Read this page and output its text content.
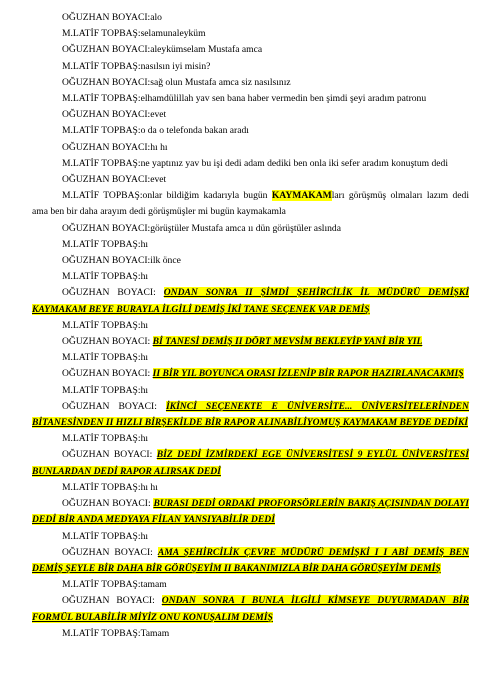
OĞUZHAN BOYACI:alo

M.LATİF TOPBAŞ:selamunaleyküm

OĞUZHAN BOYACI:aleykümselam Mustafa amca

M.LATİF TOPBAŞ:nasılsın iyi misin?

OĞUZHAN BOYACI:sağ olun Mustafa amca siz nasılsınız

M.LATİF TOPBAŞ:elhamdülillah yav sen bana haber vermedin ben şimdi şeyi aradım patronu

OĞUZHAN BOYACI:evet

M.LATİF TOPBAŞ:o da o telefonda bakan aradı

OĞUZHAN BOYACI:hı hı

M.LATİF TOPBAŞ:ne yaptınız yav bu işi dedi adam dediki ben onla iki sefer aradım konuştum dedi

OĞUZHAN BOYACI:evet

M.LATİF TOPBAŞ:onlar bildiğim kadarıyla bugün KAYMAKAMları görüşmüş olmaları lazım dedi ama ben bir daha arayım dedi görüşmüşler mi bugün kaymakamla

OĞUZHAN BOYACI:görüştüler Mustafa amca ıı dün görüştüler aslında

M.LATİF TOPBAŞ:hı

OĞUZHAN BOYACI:ilk önce

M.LATİF TOPBAŞ:hı

OĞUZHAN BOYACI: ONDAN SONRA II ŞİMDİ ŞEHİRCİLİK İL MÜDÜRÜ DEMİŞKİ KAYMAKAM BEYE BURAYLA İLGİLİ DEMİŞ İKİ TANE SEÇENEK VAR DEMİŞ

M.LATİF TOPBAŞ:hı

OĞUZHAN BOYACI: Bİ TANESİ DEMİŞ II DÖRT MEVSİM BEKLEYİP YANİ BİR YIL

M.LATİF TOPBAŞ:hı

OĞUZHAN BOYACI: II BİR YIL BOYUNCA ORASI İZLENİP BİR RAPOR HAZIRLANACAKMIŞ

M.LATİF TOPBAŞ:hı

OĞUZHAN BOYACI: İKİNCİ SEÇENEKTE E ÜNİVERSİTE... ÜNİVERSİTELERİNDEN BİTANESİNDEN II HIZLI BİRŞEKİLDE BİR RAPOR ALINABİLİYOMUŞ KAYMAKAM BEYDE DEDİKİ

M.LATİF TOPBAŞ:hı

OĞUZHAN BOYACI: BİZ DEDİ İZMİRDEKİ EGE ÜNİVERSİTESİ 9 EYLÜL ÜNİVERSİTESİ BUNLARDAN DEDİ RAPOR ALIRSAK DEDİ

M.LATİF TOPBAŞ:hı hı

OĞUZHAN BOYACI: BURASI DEDİ ORDAKİ PROFORSÖRLERİN BAKIŞ AÇISINDAN DOLAYI DEDİ BİR ANDA MEDYAYA FİLAN YANSIYABİLİR DEDİ

M.LATİF TOPBAŞ:hı

OĞUZHAN BOYACI: AMA ŞEHİRCİLİK ÇEVRE MÜDÜRÜ DEMİŞKİ I I ABİ DEMİŞ BEN DEMİŞ ŞEYLE BİR DAHA BİR GÖRÜŞEYİM II BAKANIMIZLA BİR DAHA GÖRÜŞEYİM DEMİŞ

M.LATİF TOPBAŞ:tamam

OĞUZHAN BOYACI: ONDAN SONRA I BUNLA İLGİLİ KİMSEYE DUYURMADAN BİR FORMÜL BULABİLİR MİYİZ ONU KONUŞALIM DEMİŞ

M.LATİF TOPBAŞ:Tamam
